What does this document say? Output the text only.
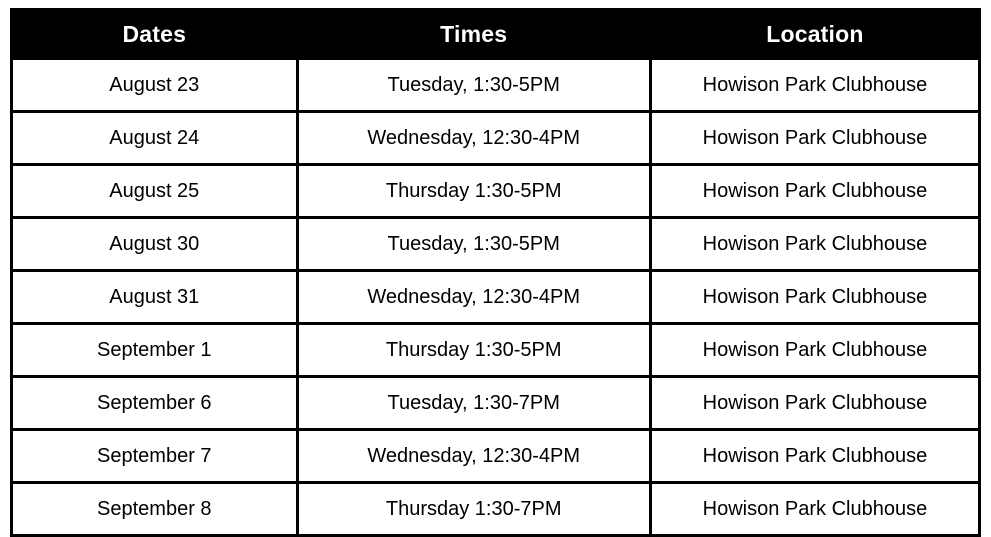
Dates	Times	Location
August 23	Tuesday, 1:30-5PM	Howison Park Clubhouse
August 24	Wednesday, 12:30-4PM	Howison Park Clubhouse
August 25	Thursday 1:30-5PM	Howison Park Clubhouse
August 30	Tuesday, 1:30-5PM	Howison Park Clubhouse
August 31	Wednesday, 12:30-4PM	Howison Park Clubhouse
September 1	Thursday 1:30-5PM	Howison Park Clubhouse
September 6	Tuesday, 1:30-7PM	Howison Park Clubhouse
September 7	Wednesday, 12:30-4PM	Howison Park Clubhouse
September 8	Thursday 1:30-7PM	Howison Park Clubhouse
